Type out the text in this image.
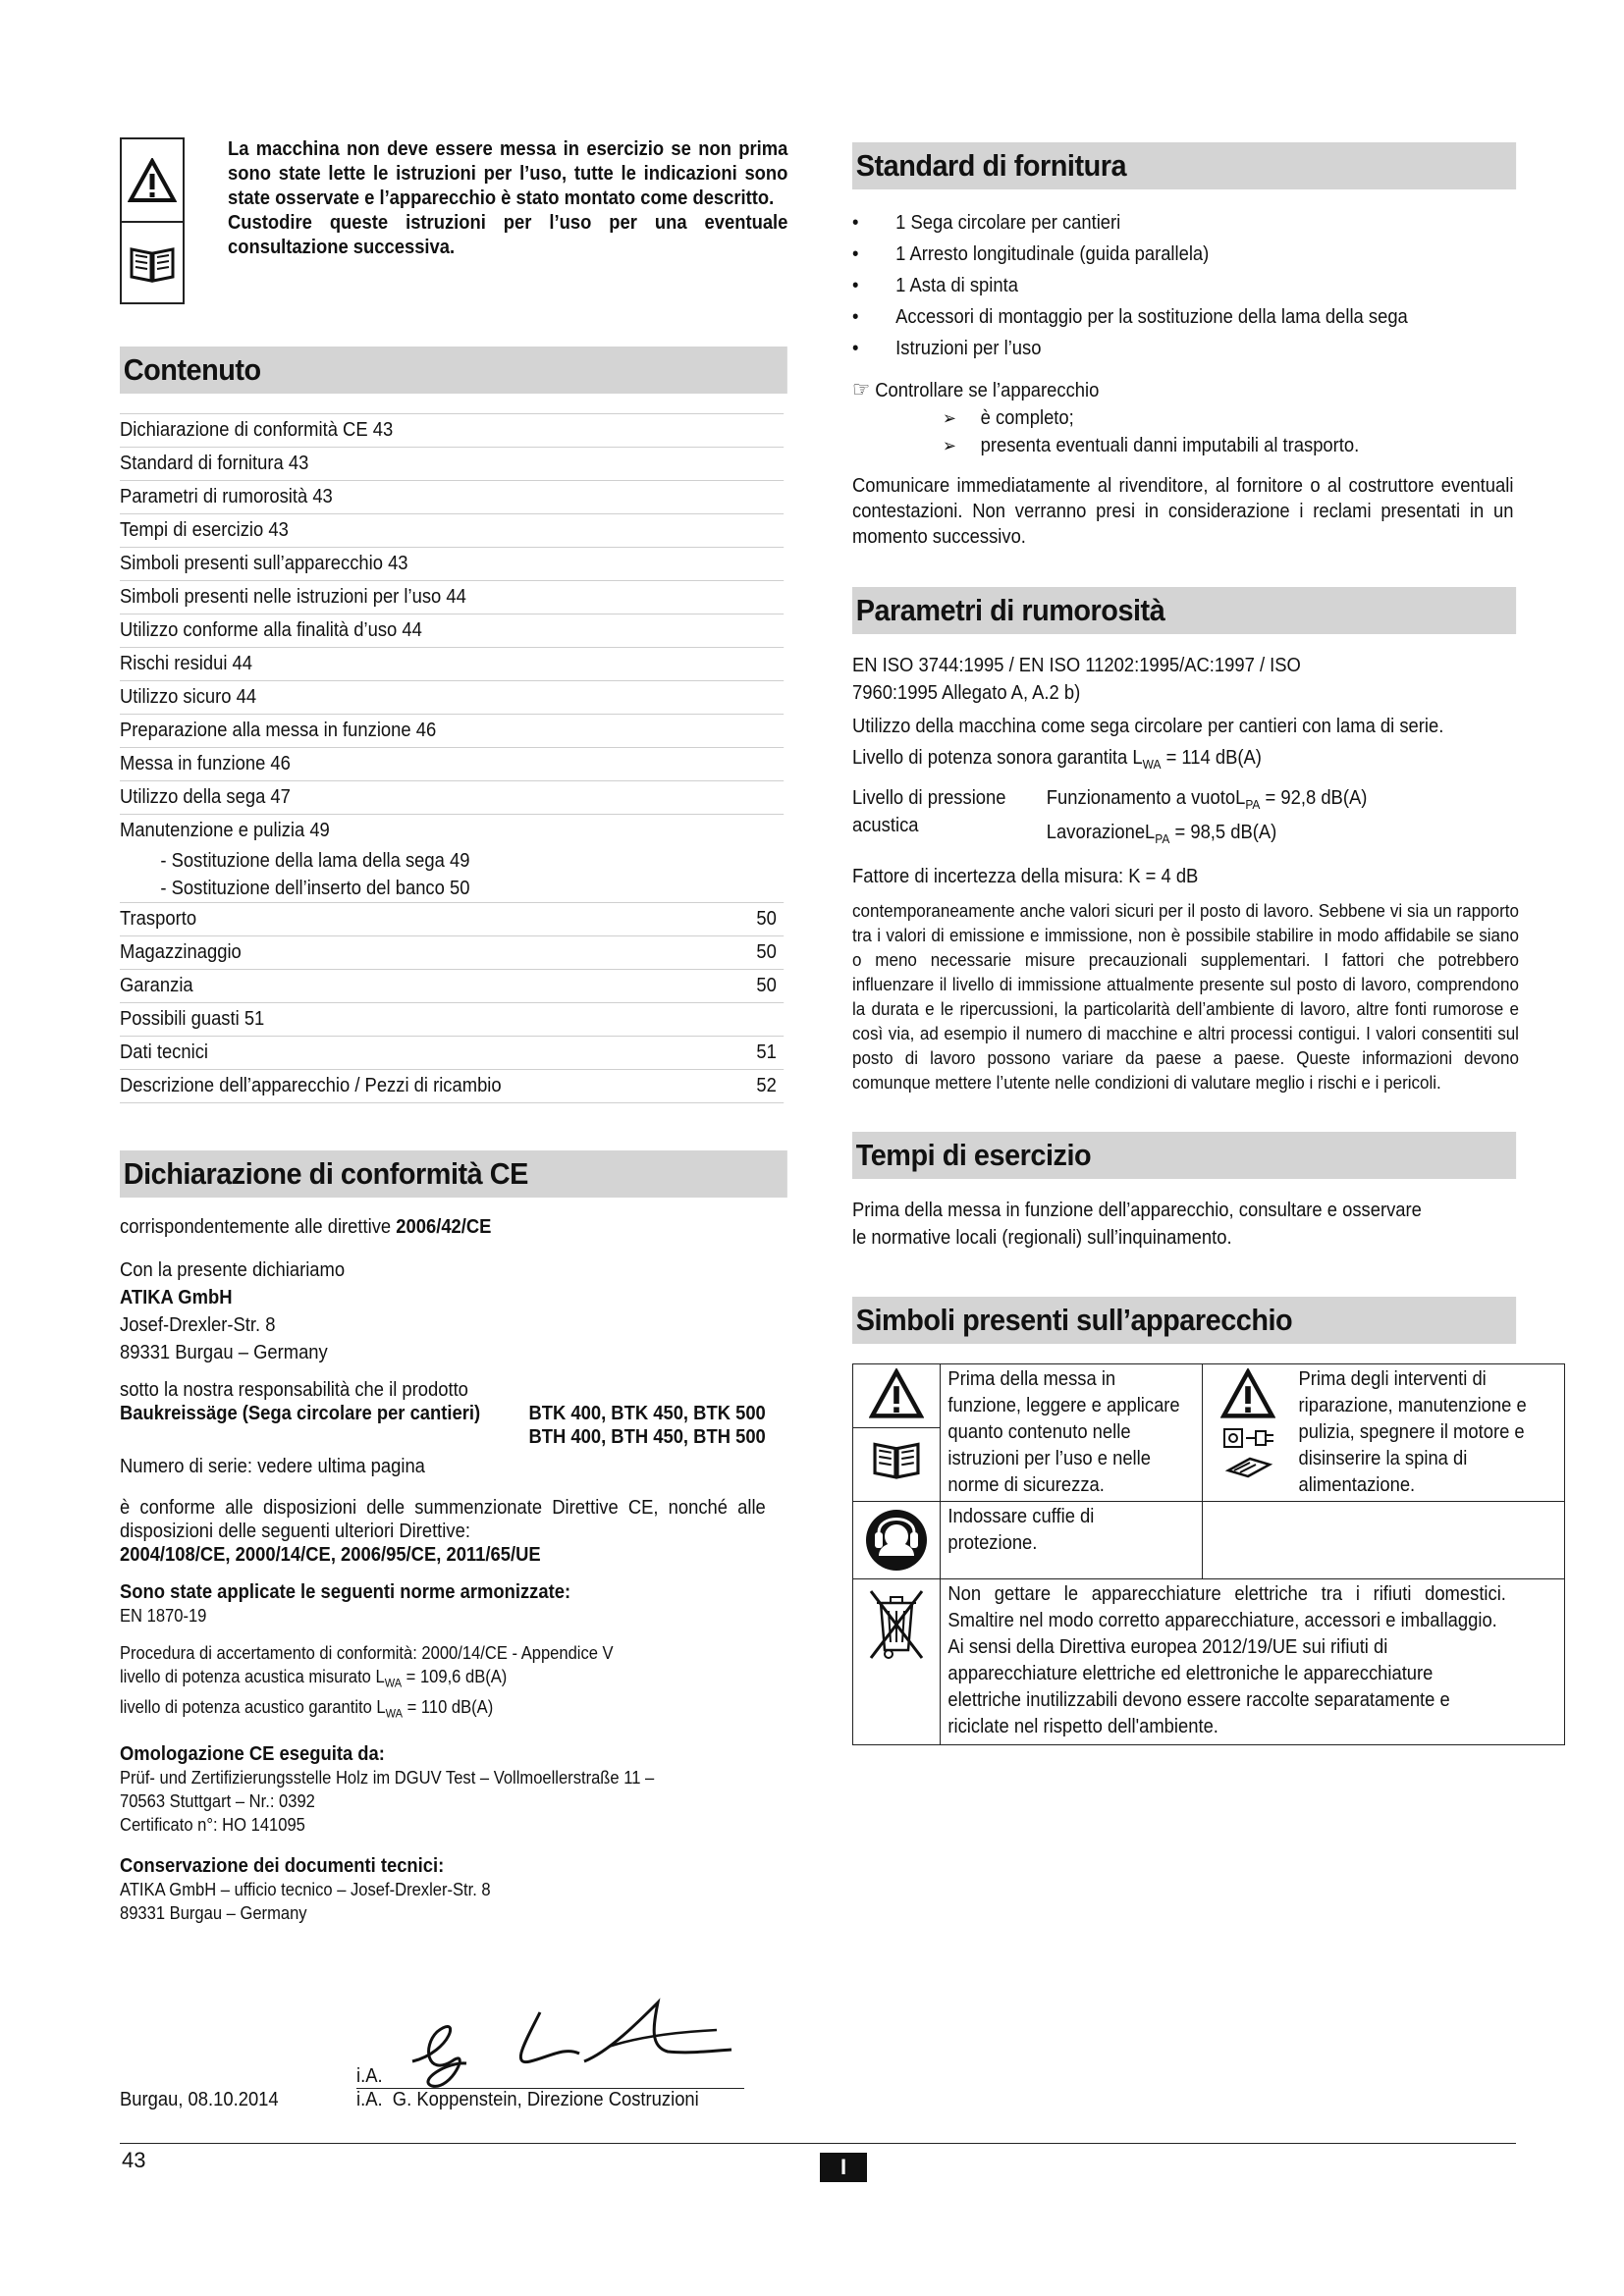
La macchina non deve essere messa in esercizio se non prima sono state lette le istruzioni per l’uso, tutte le indicazioni sono state osservate e l’apparecchio è stato montato come descritto.

Custodire queste istruzioni per l’uso per una eventuale consultazione successiva.

Contenuto
Dichiarazione di conformità CE 43
Standard di fornitura 43
Parametri di rumorosità 43
Tempi di esercizio 43
Simboli presenti sull’apparecchio 43
Simboli presenti nelle istruzioni per l’uso 44
Utilizzo conforme alla finalità d’uso 44
Rischi residui 44
Utilizzo sicuro 44
Preparazione alla messa in funzione 46
Messa in funzione 46
Utilizzo della sega 47
Manutenzione e pulizia 49
- Sostituzione della lama della sega 49
- Sostituzione dell’inserto del banco 50
Trasporto	50
Magazzinaggio	50
Garanzia	50
Possibili guasti 51
Dati tecnici	51
Descrizione dell’apparecchio / Pezzi di ricambio	52
Dichiarazione di conformità CE

corrispondentemente alle direttive 2006/42/CE

Con la presente dichiariamo

ATIKA GmbH

Josef-Drexler-Str. 8

89331 Burgau – Germany

sotto la nostra responsabilità che il prodotto

Baukreissäge (Sega circolare per cantieri)	BTK 400, BTK 450, BTK 500
BTH 400, BTH 450, BTH 500

Numero di serie: vedere ultima pagina

è conforme alle disposizioni delle summenzionate Direttive CE, nonché alle disposizioni delle seguenti ulteriori Direttive:

2004/108/CE, 2000/14/CE, 2006/95/CE, 2011/65/UE

Sono state applicate le seguenti norme armonizzate:

EN 1870-19

Procedura di accertamento di conformità: 2000/14/CE - Appendice V

livello di potenza acustica misurato $L_{WA} = 109,6$ dB(A)

livello di potenza acustico garantito $L_{WA} = 110$ dB(A)

Omologazione CE eseguita da:

Prüf- und Zertifizierungsstelle Holz im DGUV Test – Vollmoellerstraße 11 –

70563 Stuttgart – Nr.: 0392

Certificato n°: HO 141095

Conservazione dei documenti tecnici:

ATIKA GmbH – ufficio tecnico – Josef-Drexler-Str. 8

89331 Burgau – Germany

i.A.
i.A.  G. Koppenstein, Direzione Costruzioni
Burgau, 08.10.2014
Standard di fornitura
• 1 Sega circolare per cantieri
• 1 Arresto longitudinale (guida parallela)
• 1 Asta di spinta
• Accessori di montaggio per la sostituzione della lama della sega
• Istruzioni per l’uso

☞ Controllare se l’apparecchio

➢ è completo;
➢ presenta eventuali danni imputabili al trasporto.

Comunicare immediatamente al rivenditore, al fornitore o al costruttore eventuali contestazioni. Non verranno presi in considerazione i reclami presentati in un momento successivo.

Parametri di rumorosità

EN ISO 3744:1995 / EN ISO 11202:1995/AC:1997 / ISO 7960:1995 Allegato A, A.2 b)

Utilizzo della macchina come sega circolare per cantieri con lama di serie.

Livello di potenza sonora garantita $L_{WA} = 114$ dB(A)

Livello di pressione acustica
Funzionamento a vuotoL$_{PA}$ = 92,8 dB(A)
LavorazioneL$_{PA}$ = 98,5 dB(A)

Fattore di incertezza della misura: K = 4 dB

contemporaneamente anche valori sicuri per il posto di lavoro. Sebbene vi sia un rapporto tra i valori di emissione e immissione, non è possibile stabilire in modo affidabile se siano o meno necessarie misure precauzionali supplementari. I fattori che potrebbero influenzare il livello di immissione attualmente presente sul posto di lavoro, comprendono la durata e le ripercussioni, la particolarità dell’ambiente di lavoro, altre fonti rumorose e così via, ad esempio il numero di macchine e altri processi contigui. I valori consentiti sul posto di lavoro possono variare da paese a paese. Queste informazioni devono comunque mettere l’utente nelle condizioni di valutare meglio i rischi e i pericoli.

Tempi di esercizio

Prima della messa in funzione dell’apparecchio, consultare e osservare le normative locali (regionali) sull’inquinamento.

Simboli presenti sull’apparecchio
Prima della messa in funzione, leggere e applicare quanto contenuto nelle istruzioni per l’uso e nelle norme di sicurezza.	Prima degli interventi di riparazione, manutenzione e pulizia, spegnere il motore e disinserire la spina di alimentazione.

Indossare cuffie di protezione.	

Non gettare le apparecchiature elettriche tra i rifiuti domestici. Smaltire nel modo corretto apparecchiature, accessori e imballaggio.

Ai sensi della Direttiva europea 2012/19/UE sui rifiuti di apparecchiature elettriche ed elettroniche le apparecchiature elettriche inutilizzabili devono essere raccolte separatamente e riciclate nel rispetto dell'ambiente.	

43	I
